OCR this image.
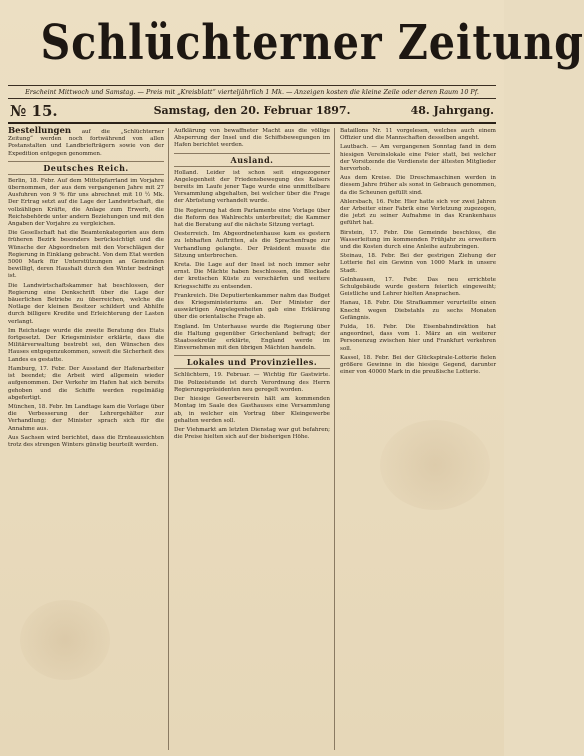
Schlüchterner Zeitung
Erscheint Mittwoch und Samstag. — Preis mit „Kreisblatt“ vierteljährlich 1 Mk. — Anzeigen kosten die kleine Zeile oder deren Raum 10 Pf.
№ 15.	Samstag, den 20. Februar 1897.	48. Jahrgang.

Bestellungen auf die „Schlüchterner Zeitung“ werden noch fortwährend von allen Postanstalten und Landbriefträgern sowie von der Expedition entgegen genommen.

Deutsches Reich.

Berlin, 18. Febr. Auf dem Mittelpfarrland im Vorjahre übernommen, der aus dem vergangenen Jahre mit 27 Ausfuhren von 9 % für uns abrechnet mit 10 ½ Mk. Der Ertrag setzt auf die Lage der Landwirtschaft, die vollzähligen Kräfte, die Anlage zum Erwerb, die Reichsbehörde unter andern Beziehungen und mit den Angaben der Vorjahre zu vergleichen.

Die Gesellschaft hat die Beamtenkategorien aus dem früheren Bezirk besonders berücksichtigt und die Wünsche der Abgeordneten mit den Vorschlägen der Regierung in Einklang gebracht. Von dem Etat werden 5000 Mark für Unterstützungen an Gemeinden bewilligt, deren Haushalt durch den Winter bedrängt ist.

Die Landwirtschaftskammer hat beschlossen, der Regierung eine Denkschrift über die Lage der bäuerlichen Betriebe zu überreichen, welche die Notlage der kleinen Besitzer schildert und Abhilfe durch billigere Kredite und Erleichterung der Lasten verlangt.

Im Reichstage wurde die zweite Beratung des Etats fortgesetzt. Der Kriegsminister erklärte, dass die Militärverwaltung bestrebt sei, den Wünschen des Hauses entgegenzukommen, soweit die Sicherheit des Landes es gestatte.

Hamburg, 17. Febr. Der Ausstand der Hafenarbeiter ist beendet; die Arbeit wird allgemein wieder aufgenommen. Der Verkehr im Hafen hat sich bereits gehoben und die Schiffe werden regelmäßig abgefertigt.

München, 18. Febr. Im Landtage kam die Vorlage über die Verbesserung der Lehrergehälter zur Verhandlung; der Minister sprach sich für die Annahme aus.

Aus Sachsen wird berichtet, dass die Ernteaussichten trotz des strengen Winters günstig beurteilt werden.

Aufklärung von bewaffneter Macht aus die völlige Absperrung der Insel und die Schiffsbewegungen im Hafen berichtet werden.

Ausland.

Holland. Leider ist schon seit eingezogener Angelegenheit der Friedensbewegung des Kaisers bereits im Laufe jener Tage wurde eine unmittelbare Versammlung abgehalten, bei welcher über die Frage der Abrüstung verhandelt wurde.

Die Regierung hat dem Parlamente eine Vorlage über die Reform des Wahlrechts unterbreitet; die Kammer hat die Beratung auf die nächste Sitzung vertagt.

Oesterreich. Im Abgeordnetenhause kam es gestern zu lebhaften Auftritten, als die Sprachenfrage zur Verhandlung gelangte. Der Präsident musste die Sitzung unterbrechen.

Kreta. Die Lage auf der Insel ist noch immer sehr ernst. Die Mächte haben beschlossen, die Blockade der kretischen Küste zu verschärfen und weitere Kriegsschiffe zu entsenden.

Frankreich. Die Deputiertenkammer nahm das Budget des Kriegsministeriums an. Der Minister der auswärtigen Angelegenheiten gab eine Erklärung über die orientalische Frage ab.

England. Im Unterhause wurde die Regierung über die Haltung gegenüber Griechenland befragt; der Staatssekretär erklärte, England werde im Einvernehmen mit den übrigen Mächten handeln.

Lokales und Provinzielles.

Schlüchtern, 19. Februar. — Wichtig für Gastwirte. Die Polizeistunde ist durch Verordnung des Herrn Regierungspräsidenten neu geregelt worden.

Der hiesige Gewerbeverein hält am kommenden Montag im Saale des Gasthauses eine Versammlung ab, in welcher ein Vortrag über Kleingewerbe gehalten werden soll.

Der Viehmarkt am letzten Dienstag war gut befahren; die Preise hielten sich auf der bisherigen Höhe.

Bataillons Nr. 11 vorgelesen, welches auch einem Offizier und die Mannschaften desselben angeht.

Lautbach. — Am vergangenen Sonntag fand in dem hiesigen Vereinslokale eine Feier statt, bei welcher der Vorsitzende die Verdienste der ältesten Mitglieder hervorhob.

Aus dem Kreise. Die Dreschmaschinen werden in diesem Jahre früher als sonst in Gebrauch genommen, da die Scheunen gefüllt sind.

Ahlersbach, 16. Febr. Hier hatte sich vor zwei Jahren der Arbeiter einer Fabrik eine Verletzung zugezogen, die jetzt zu seiner Aufnahme in das Krankenhaus geführt hat.

Birstein, 17. Febr. Die Gemeinde beschloss, die Wasserleitung im kommenden Frühjahr zu erweitern und die Kosten durch eine Anleihe aufzubringen.

Steinau, 18. Febr. Bei der gestrigen Ziehung der Lotterie fiel ein Gewinn von 1000 Mark in unsere Stadt.

Gelnhausen, 17. Febr. Das neu errichtete Schulgebäude wurde gestern feierlich eingeweiht; Geistliche und Lehrer hielten Ansprachen.

Hanau, 18. Febr. Die Strafkammer verurteilte einen Knecht wegen Diebstahls zu sechs Monaten Gefängnis.

Fulda, 16. Febr. Die Eisenbahndirektion hat angeordnet, dass vom 1. März an ein weiterer Personenzug zwischen hier und Frankfurt verkehren soll.

Kassel, 18. Febr. Bei der Glückspirale-Lotterie fielen größere Gewinne in die hiesige Gegend, darunter einer von 40000 Mark in die preußische Lotterie.
